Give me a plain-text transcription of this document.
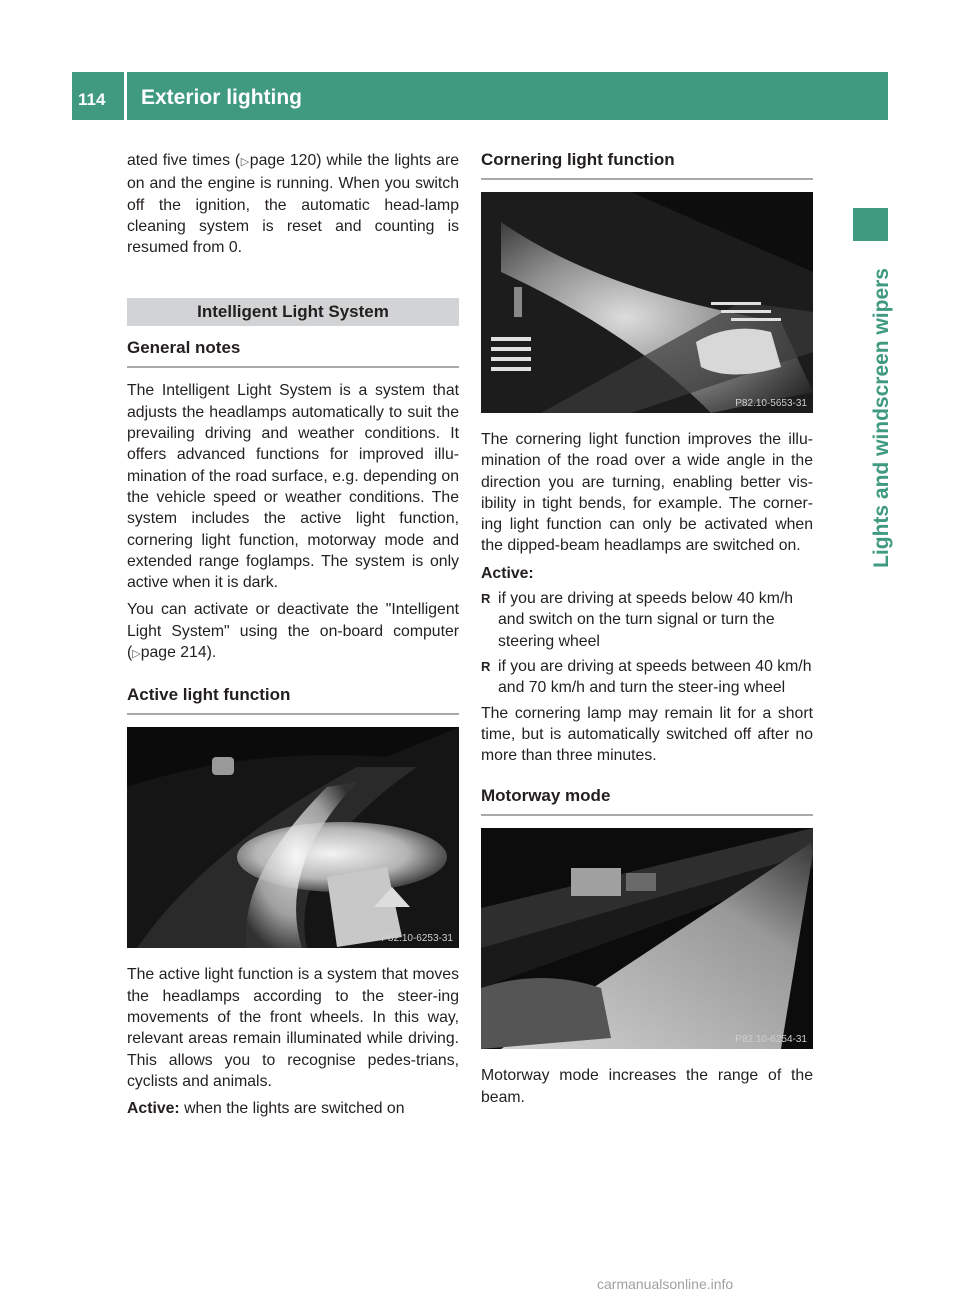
114	Exterior lighting
Lights and windscreen wipers

ated five times (▷page 120) while the lights are on and the engine is running. When you switch off the ignition, the automatic head-lamp cleaning system is reset and counting is resumed from 0.

Intelligent Light System
General notes

The Intelligent Light System is a system that adjusts the headlamps automatically to suit the prevailing driving and weather conditions. It offers advanced functions for improved illu-mination of the road surface, e.g. depending on the vehicle speed or weather conditions. The system includes the active light function, cornering light function, motorway mode and extended range foglamps. The system is only active when it is dark.

You can activate or deactivate the "Intelligent Light System" using the on-board computer (▷page 214).

Active light function
P82.10-6253-31

The active light function is a system that moves the headlamps according to the steer-ing movements of the front wheels. In this way, relevant areas remain illuminated while driving. This allows you to recognise pedes-trians, cyclists and animals.

Active: when the lights are switched on

Cornering light function
P82.10-5653-31

The cornering light function improves the illu-mination of the road over a wide angle in the direction you are turning, enabling better vis-ibility in tight bends, for example. The corner-ing light function can only be activated when the dipped-beam headlamps are switched on.

Active:

R if you are driving at speeds below 40 km/h and switch on the turn signal or turn the steering wheel
R if you are driving at speeds between 40 km/h and 70 km/h and turn the steer-ing wheel

The cornering lamp may remain lit for a short time, but is automatically switched off after no more than three minutes.

Motorway mode
P82.10-6254-31

Motorway mode increases the range of the beam.

carmanualsonline.info
